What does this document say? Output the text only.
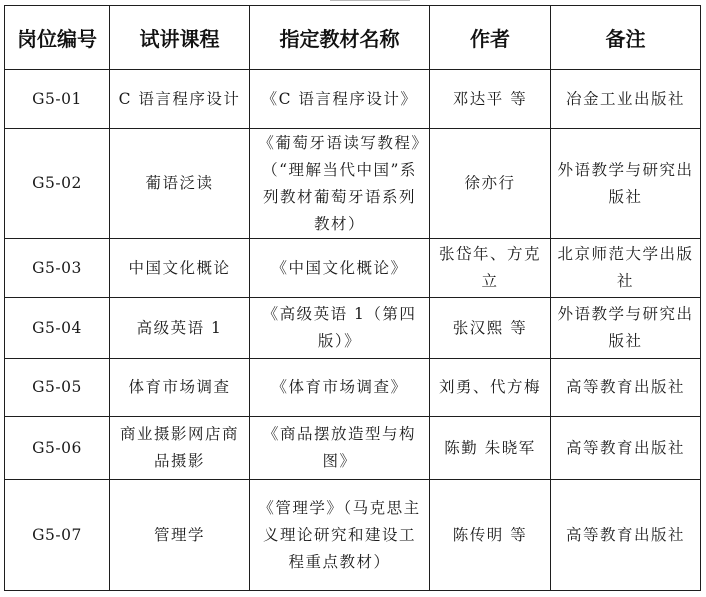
岗位编号	试讲课程	指定教材名称	作者	备注
G5-01	C 语言程序设计	《C 语言程序设计》	邓达平 等	冶金工业出版社
G5-02	葡语泛读	《葡萄牙语读写教程》（“理解当代中国”系列教材葡萄牙语系列教材）	徐亦行	外语教学与研究出版社
G5-03	中国文化概论	《中国文化概论》	张岱年、方克立	北京师范大学出版社
G5-04	高级英语 1	《高级英语 1（第四版）》	张汉熙 等	外语教学与研究出版社
G5-05	体育市场调查	《体育市场调查》	刘勇、代方梅	高等教育出版社
G5-06	商业摄影网店商品摄影	《商品摆放造型与构图》	陈勤 朱晓军	高等教育出版社
G5-07	管理学	《管理学》（马克思主义理论研究和建设工程重点教材）	陈传明 等	高等教育出版社
